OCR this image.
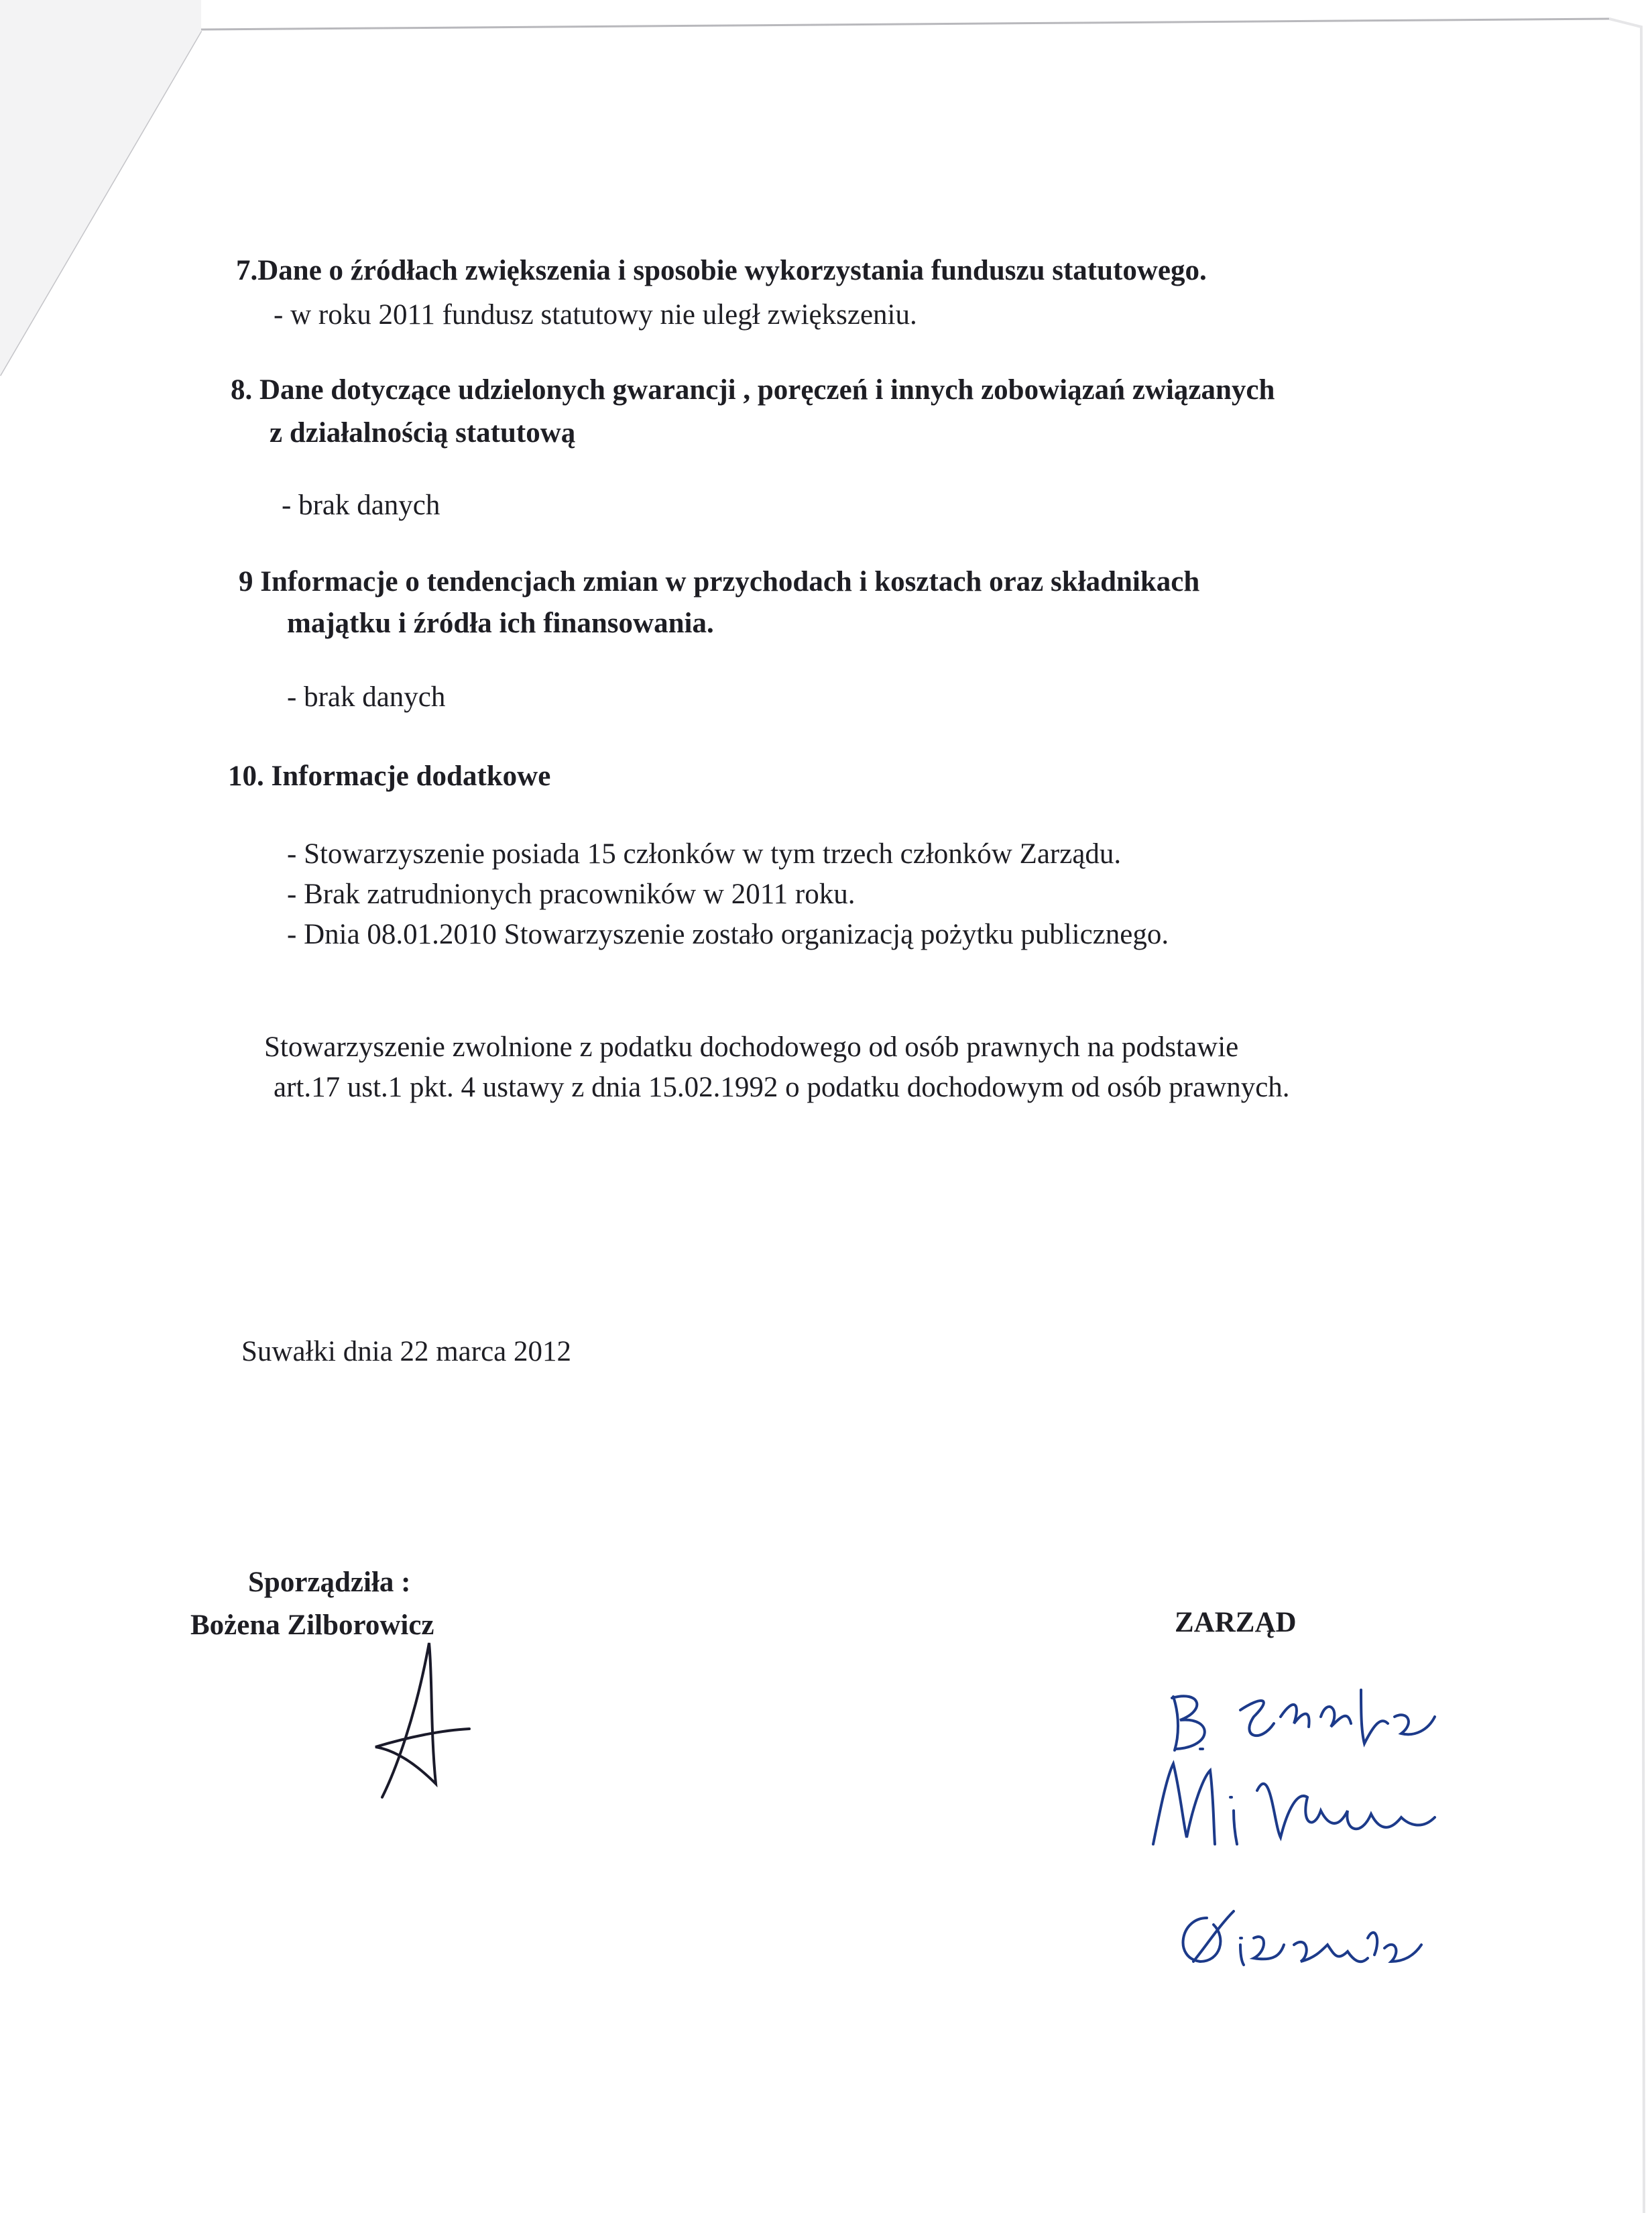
7.Dane o źródłach zwiększenia i sposobie wykorzystania funduszu statutowego.
- w roku 2011 fundusz statutowy nie uległ zwiększeniu.
8. Dane dotyczące udzielonych gwarancji , poręczeń i innych zobowiązań związanych
z działalnością statutową
- brak danych
9 Informacje o tendencjach zmian w przychodach i kosztach oraz składnikach
majątku i źródła ich finansowania.
- brak danych
10. Informacje dodatkowe
- Stowarzyszenie posiada 15 członków w tym trzech członków Zarządu.
- Brak zatrudnionych pracowników w 2011 roku.
- Dnia 08.01.2010 Stowarzyszenie zostało organizacją pożytku publicznego.
Stowarzyszenie zwolnione z podatku dochodowego od osób prawnych na podstawie
art.17 ust.1 pkt. 4 ustawy z dnia 15.02.1992 o podatku dochodowym od osób prawnych.
Suwałki dnia 22 marca 2012
Sporządziła :
Bożena Zilborowicz	ZARZĄD
